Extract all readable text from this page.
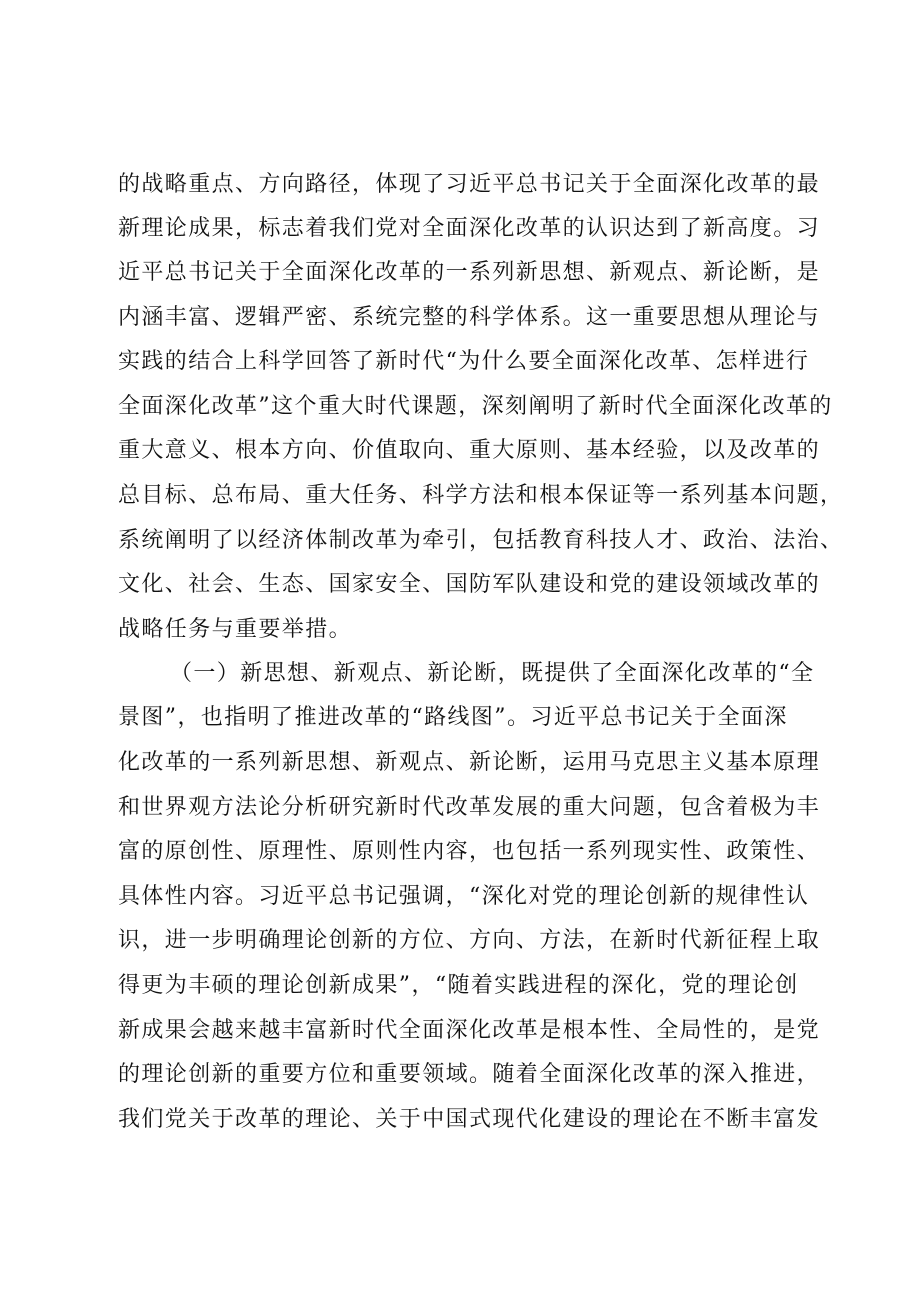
的战略重点、方向路径，体现了习近平总书记关于全面深化改革的最
新理论成果，标志着我们党对全面深化改革的认识达到了新高度。习
近平总书记关于全面深化改革的一系列新思想、新观点、新论断，是
内涵丰富、逻辑严密、系统完整的科学体系。这一重要思想从理论与
实践的结合上科学回答了新时代“为什么要全面深化改革、怎样进行
全面深化改革”这个重大时代课题，深刻阐明了新时代全面深化改革的
重大意义、根本方向、价值取向、重大原则、基本经验，以及改革的
总目标、总布局、重大任务、科学方法和根本保证等一系列基本问题，
系统阐明了以经济体制改革为牵引，包括教育科技人才、政治、法治、
文化、社会、生态、国家安全、国防军队建设和党的建设领域改革的
战略任务与重要举措。
（一）新思想、新观点、新论断，既提供了全面深化改革的“全
景图”，也指明了推进改革的“路线图”。习近平总书记关于全面深
化改革的一系列新思想、新观点、新论断，运用马克思主义基本原理
和世界观方法论分析研究新时代改革发展的重大问题，包含着极为丰
富的原创性、原理性、原则性内容，也包括一系列现实性、政策性、
具体性内容。习近平总书记强调，“深化对党的理论创新的规律性认
识，进一步明确理论创新的方位、方向、方法，在新时代新征程上取
得更为丰硕的理论创新成果”，“随着实践进程的深化，党的理论创
新成果会越来越丰富新时代全面深化改革是根本性、全局性的，是党
的理论创新的重要方位和重要领域。随着全面深化改革的深入推进，
我们党关于改革的理论、关于中国式现代化建设的理论在不断丰富发
